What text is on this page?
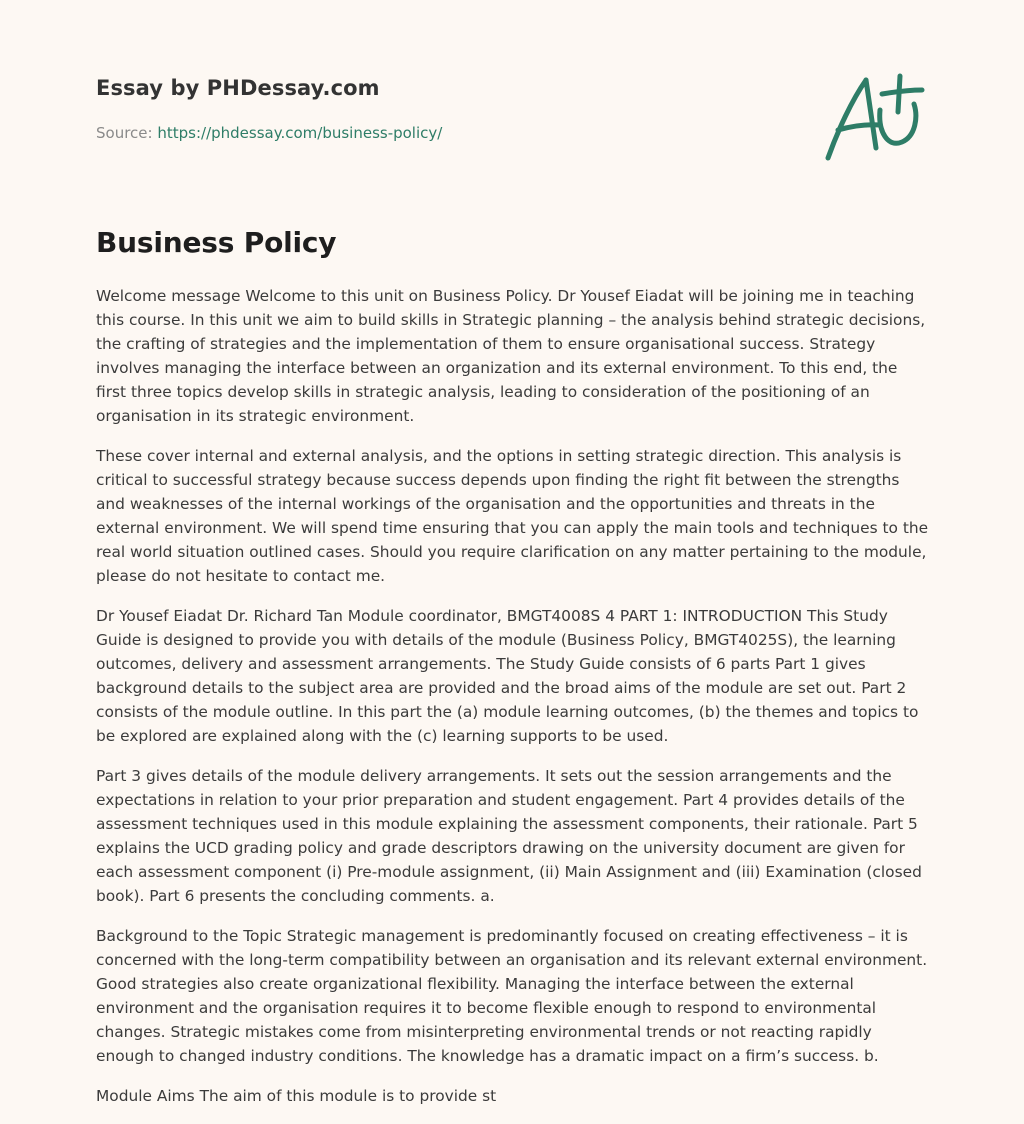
Essay by PHDessay.com

Source: https://phdessay.com/business-policy/

Business Policy

Welcome message Welcome to this unit on Business Policy. Dr Yousef Eiadat will be joining me in teaching this course. In this unit we aim to build skills in Strategic planning – the analysis behind strategic decisions, the crafting of strategies and the implementation of them to ensure organisational success. Strategy involves managing the interface between an organization and its external environment. To this end, the first three topics develop skills in strategic analysis, leading to consideration of the positioning of an organisation in its strategic environment.

These cover internal and external analysis, and the options in setting strategic direction. This analysis is critical to successful strategy because success depends upon finding the right fit between the strengths and weaknesses of the internal workings of the organisation and the opportunities and threats in the external environment. We will spend time ensuring that you can apply the main tools and techniques to the real world situation outlined cases. Should you require clarification on any matter pertaining to the module, please do not hesitate to contact me.

Dr Yousef Eiadat Dr. Richard Tan Module coordinator, BMGT4008S 4 PART 1: INTRODUCTION This Study Guide is designed to provide you with details of the module (Business Policy, BMGT4025S), the learning outcomes, delivery and assessment arrangements. The Study Guide consists of 6 parts Part 1 gives background details to the subject area are provided and the broad aims of the module are set out. Part 2 consists of the module outline. In this part the (a) module learning outcomes, (b) the themes and topics to be explored are explained along with the (c) learning supports to be used.

Part 3 gives details of the module delivery arrangements. It sets out the session arrangements and the expectations in relation to your prior preparation and student engagement. Part 4 provides details of the assessment techniques used in this module explaining the assessment components, their rationale. Part 5 explains the UCD grading policy and grade descriptors drawing on the university document are given for each assessment component (i) Pre-module assignment, (ii) Main Assignment and (iii) Examination (closed book). Part 6 presents the concluding comments. a.

Background to the Topic Strategic management is predominantly focused on creating effectiveness – it is concerned with the long-term compatibility between an organisation and its relevant external environment. Good strategies also create organizational flexibility. Managing the interface between the external environment and the organisation requires it to become flexible enough to respond to environmental changes. Strategic mistakes come from misinterpreting environmental trends or not reacting rapidly enough to changed industry conditions. The knowledge has a dramatic impact on a firm’s success. b.

Module Aims The aim of this module is to provide st
